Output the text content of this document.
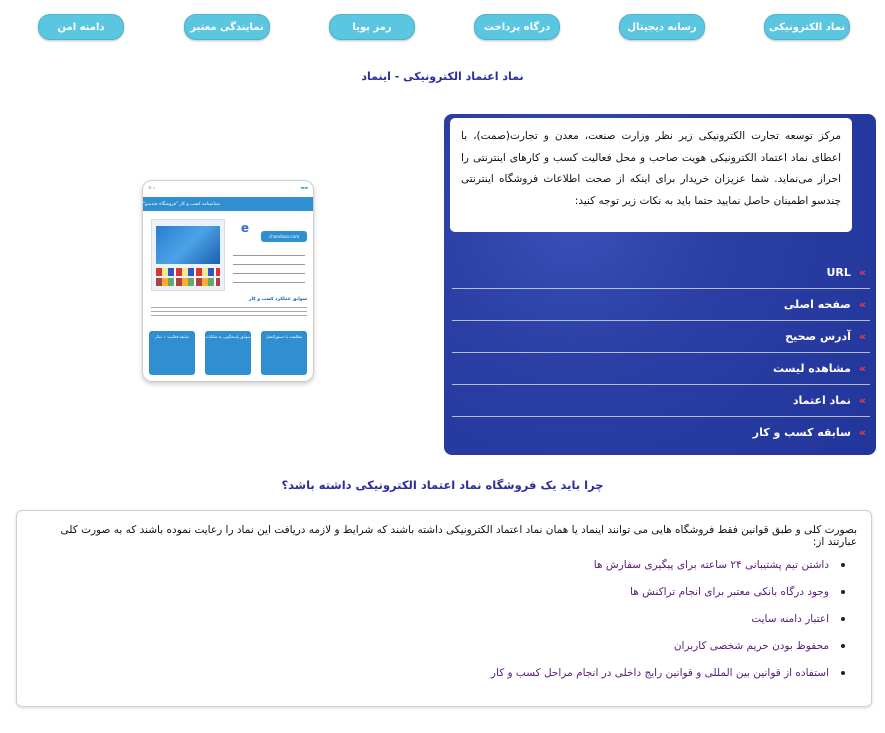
نماد الکترونیکی
رسانه دیجیتال
درگاه پرداخت
رمز پویا
نمایندگی معتبر
دامنه امن
نماد اعتماد الکترونیکی - اینماد
مرکز توسعه تجارت الکترونیکی زیر نظر وزارت صنعت، معدن و تجارت(صمت)، با اعطای نماد اعتماد الکترونیکی هویت صاحب و محل فعالیت کسب و کارهای اینترنتی را احراز می‌نماید. شما عزیزان خریدار برای اینکه از صحت اطلاعات فروشگاه اینترنتی چندسو اطمینان حاصل نمایید حتما باید به نکات زیر توجه کنید:
»
URL
»
صفحه اصلی
»
آدرس صحیح
»
مشاهده لیست
»
نماد اعتماد
»
سابقه کسب و کار
☰ ⌕	▬▬
شناسنامه کسب و کار "فروشگاه چندسو"
chandsoo.com
e
سوابق عملکرد کسب و کار
سابقه فعالیت: ۱ سال	سوابق پاسخگویی به شکایات	مطابقت با دستورالعمل
چرا باید یک فروشگاه نماد اعتماد الکترونیکی داشته باشد؟
بصورت کلی و طبق قوانین فقط فروشگاه هایی می توانند اینماد یا همان نماد اعتماد الکترونیکی داشته باشند که شرایط و لازمه دریافت این نماد را رعایت نموده باشند که به صورت کلی عبارتند از:
داشتن تیم پشتیبانی ۲۴ ساعته برای پیگیری سفارش ها
وجود درگاه بانکی معتبر برای انجام تراکنش ها
اعتبار دامنه سایت
محفوظ بودن حریم شخصی کاربران
استفاده از قوانین بین المللی و قوانین رایج داخلی در انجام مراحل کسب و کار
